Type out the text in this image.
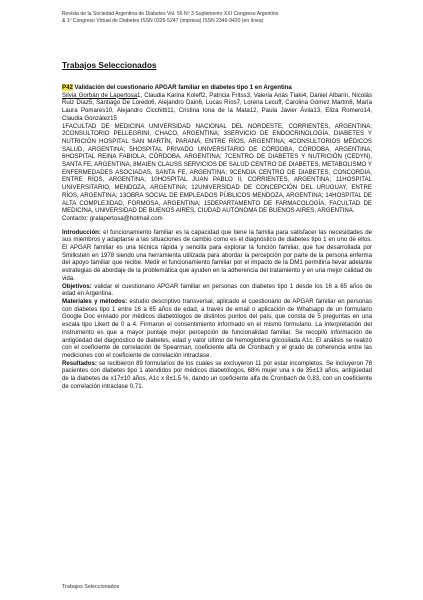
Revista de la Sociedad Argentina de Diabetes Vol. 56 Nº 3 Suplemento XXI Congreso Argentino
& 1º Congreso Virtual de Diabetes ISSN 0325-5247 (impresa) ISSN 2346-9420 (en línea)
Trabajos Seleccionados

P42 Validación del cuestionario APGAR familiar en diabetes tipo 1 en Argentina

Silvia Gorbán de Lapertosa1, Claudia Karina Koleff2, Patricia Fritss3, Valeria Ariás Tlaki4, Daniel Albarín, Nicolás Ruiz Díaz5, Santiago De Loredo6, Alejandro Dain6, Lucas Ríos7, Lorena Lecuff, Carolina Gómez Martín8, María Laura Pomares10, Alejandro Cicchitti11, Cristina Iona de la Mata12, Paula Javier Ávila13, Eliza Romero14, Claudia González15

1FACULTAD DE MEDICINA UNIVERSIDAD NACIONAL DEL NORDESTE, CORRIENTES, ARGENTINA; 2CONSULTORIO PELLEGRINI, CHACO, ARGENTINA; 3SERVICIO DE ENDOCRINOLOGÍA, DIABETES Y NUTRICIÓN HOSPITAL SAN MARTÍN, PARANÁ, ENTRE RÍOS, ARGENTINA; 4CONSULTORIOS MÉDICOS SALUD, ARGENTINA; 5HOSPITAL PRIVADO UNIVERSITARIO DE CÓRDOBA, CÓRDOBA, ARGENTINA; 6HOSPITAL REINA FABIOLA, CÓRDOBA, ARGENTINA; 7CENTRO DE DIABETES Y NUTRICIÓN (CEDYN), SANTA FE, ARGENTINA; 8MAIEN CLAUSS SERVICIOS DE SALUD CENTRO DE DIABETES, METABOLISMO Y ENFERMEDADES ASOCIADAS, SANTA FE, ARGENTINA; 9CENDIA CENTRO DE DIABETES, CONCORDIA, ENTRE RÍOS, ARGENTINA; 10HOSPITAL JUAN PABLO II, CORRIENTES, ARGENTINA; 11HOSPITAL UNIVERSITARIO, MENDOZA, ARGENTINA; 12UNIVERSIDAD DE CONCEPCIÓN DEL URUGUAY, ENTRE RÍOS, ARGENTINA; 13OBRA SOCIAL DE EMPLEADOS PÚBLICOS MENDOZA, ARGENTINA; 14HOSPITAL DE ALTA COMPLEJIDAD, FORMOSA, ARGENTINA; 15DEPARTAMENTO DE FARMACOLOGÍA, FACULTAD DE MEDICINA, UNIVERSIDAD DE BUENOS AIRES, CIUDAD AUTÓNOMA DE BUENOS AIRES, ARGENTINA.

Contacto: gralapertosa@hotmail.com

Introducción: el funcionamiento familiar es la capacidad que tiene la familia para satisfacer las necesidades de sus miembros y adaptarse a las situaciones de cambio como es el diagnóstico de diabetes tipo 1 en uno de ellos. El APGAR familiar es una técnica rápida y sencilla para explorar la función familiar, que fue desarrollada por Smilkstein en 1978 siendo una herramienta utilizada para abordar la percepción por parte de la persona enferma del apoyo familiar que recibe. Medir el funcionamiento familiar por el impacto de la DM1 permitiría llevar adelante estrategias de abordaje de la problemática que ayuden en la adherencia del tratamiento y en una mejor calidad de vida.

Objetivos: validar el cuestionario APGAR familiar en personas con diabetes tipo 1 desde los 16 a 65 años de edad en Argentina.

Materiales y métodos: estudio descriptivo transversal, aplicado el cuestionario de APGAR familiar en personas con diabetes tipo 1 entre 16 a 65 años de edad, a través de email o aplicación de Whatsapp de un formulario Google Doc enviado por médicos diabetólogos de distintos puntos del país, que consta de 5 preguntas en una escala tipo Likert de 0 a 4. Firmaron el consentimiento informado en el mismo formulario. La interpretación del instrumento es que a mayor puntaje mejor percepción de funcionalidad familiar. Se recopiló información de antigüedad del diagnóstico de diabetes, edad y valor último de hemoglobina glicosilada A1c. El análisis se realizó con el coeficiente de correlación de Spearman, coeficiente alfa de Cronbach y el grado de coherencia entre las mediciones con el coeficiente de correlación intraclase.

Resultados: se recibieron 89 formularios de los cuales se excluyeron 11 por estar incompletos. Se incluyeron 78 pacientes con diabetes tipo 1 atendidos por médicos diabetólogos, 68% mujer una x de 35±13 años, antigüedad de la diabetes de x17±10 años, A1c x 8±1.5 %, dando un coeficiente alfa de Cronbach de 0,83, con un coeficiente de correlación intraclase 0,71.

Trabajos Seleccionados
